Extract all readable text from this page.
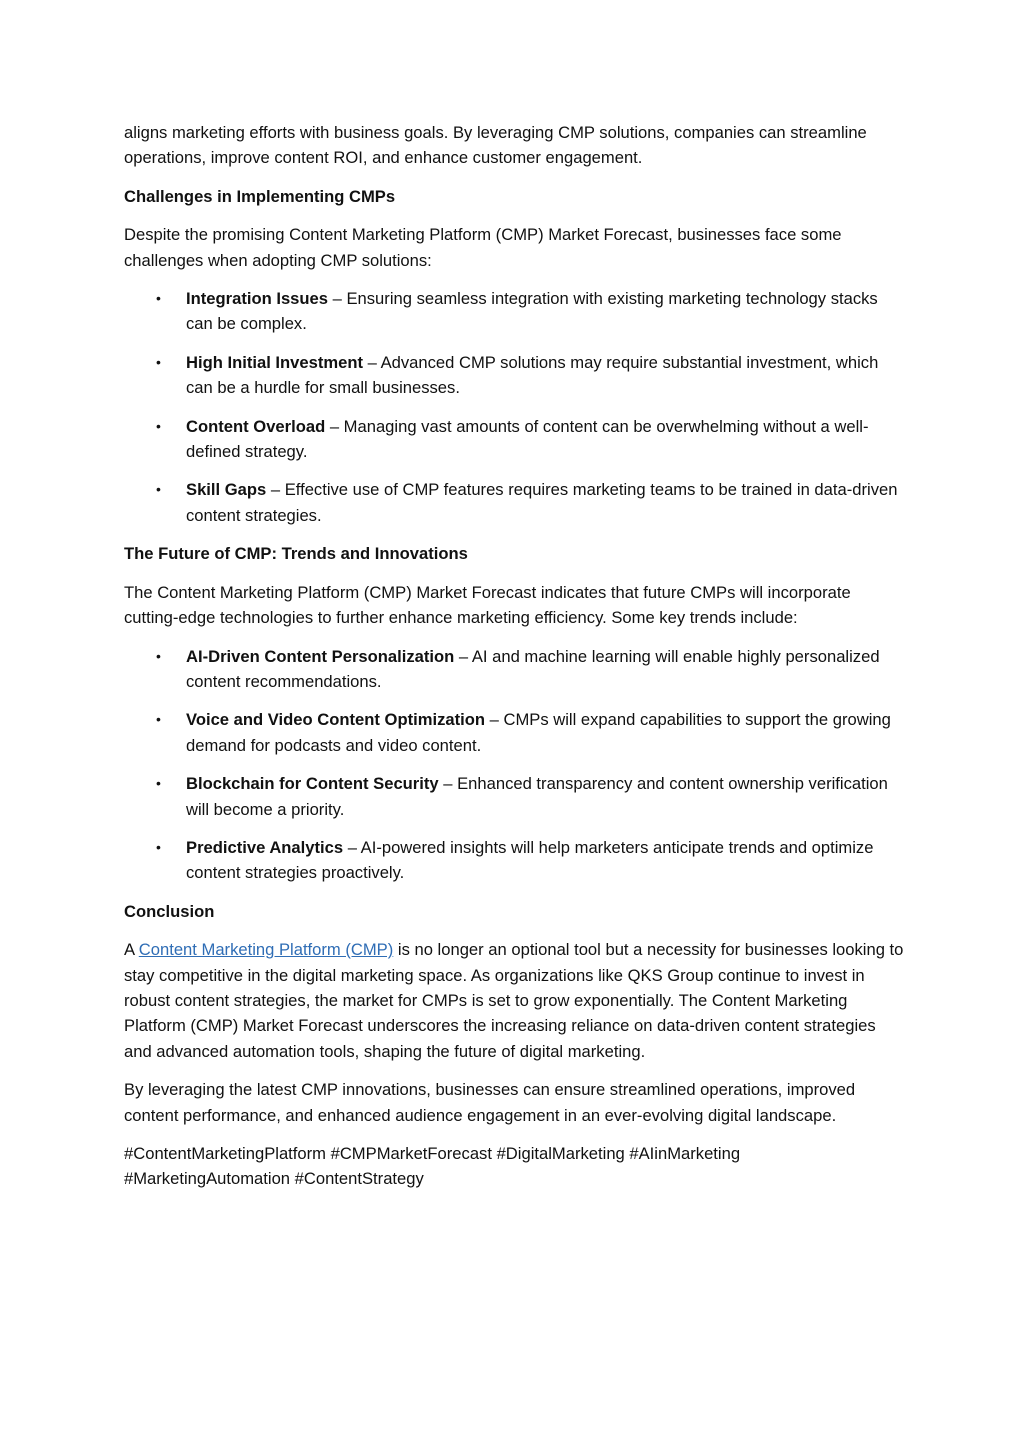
aligns marketing efforts with business goals. By leveraging CMP solutions, companies can streamline operations, improve content ROI, and enhance customer engagement.

Challenges in Implementing CMPs

Despite the promising Content Marketing Platform (CMP) Market Forecast, businesses face some challenges when adopting CMP solutions:

• Integration Issues – Ensuring seamless integration with existing marketing technology stacks can be complex.
• High Initial Investment – Advanced CMP solutions may require substantial investment, which can be a hurdle for small businesses.
• Content Overload – Managing vast amounts of content can be overwhelming without a well-defined strategy.
• Skill Gaps – Effective use of CMP features requires marketing teams to be trained in data-driven content strategies.

The Future of CMP: Trends and Innovations

The Content Marketing Platform (CMP) Market Forecast indicates that future CMPs will incorporate cutting-edge technologies to further enhance marketing efficiency. Some key trends include:

• AI-Driven Content Personalization – AI and machine learning will enable highly personalized content recommendations.
• Voice and Video Content Optimization – CMPs will expand capabilities to support the growing demand for podcasts and video content.
• Blockchain for Content Security – Enhanced transparency and content ownership verification will become a priority.
• Predictive Analytics – AI-powered insights will help marketers anticipate trends and optimize content strategies proactively.

Conclusion

A Content Marketing Platform (CMP) is no longer an optional tool but a necessity for businesses looking to stay competitive in the digital marketing space. As organizations like QKS Group continue to invest in robust content strategies, the market for CMPs is set to grow exponentially. The Content Marketing Platform (CMP) Market Forecast underscores the increasing reliance on data-driven content strategies and advanced automation tools, shaping the future of digital marketing.

By leveraging the latest CMP innovations, businesses can ensure streamlined operations, improved content performance, and enhanced audience engagement in an ever-evolving digital landscape.

#ContentMarketingPlatform #CMPMarketForecast #DigitalMarketing #AIinMarketing #MarketingAutomation #ContentStrategy
